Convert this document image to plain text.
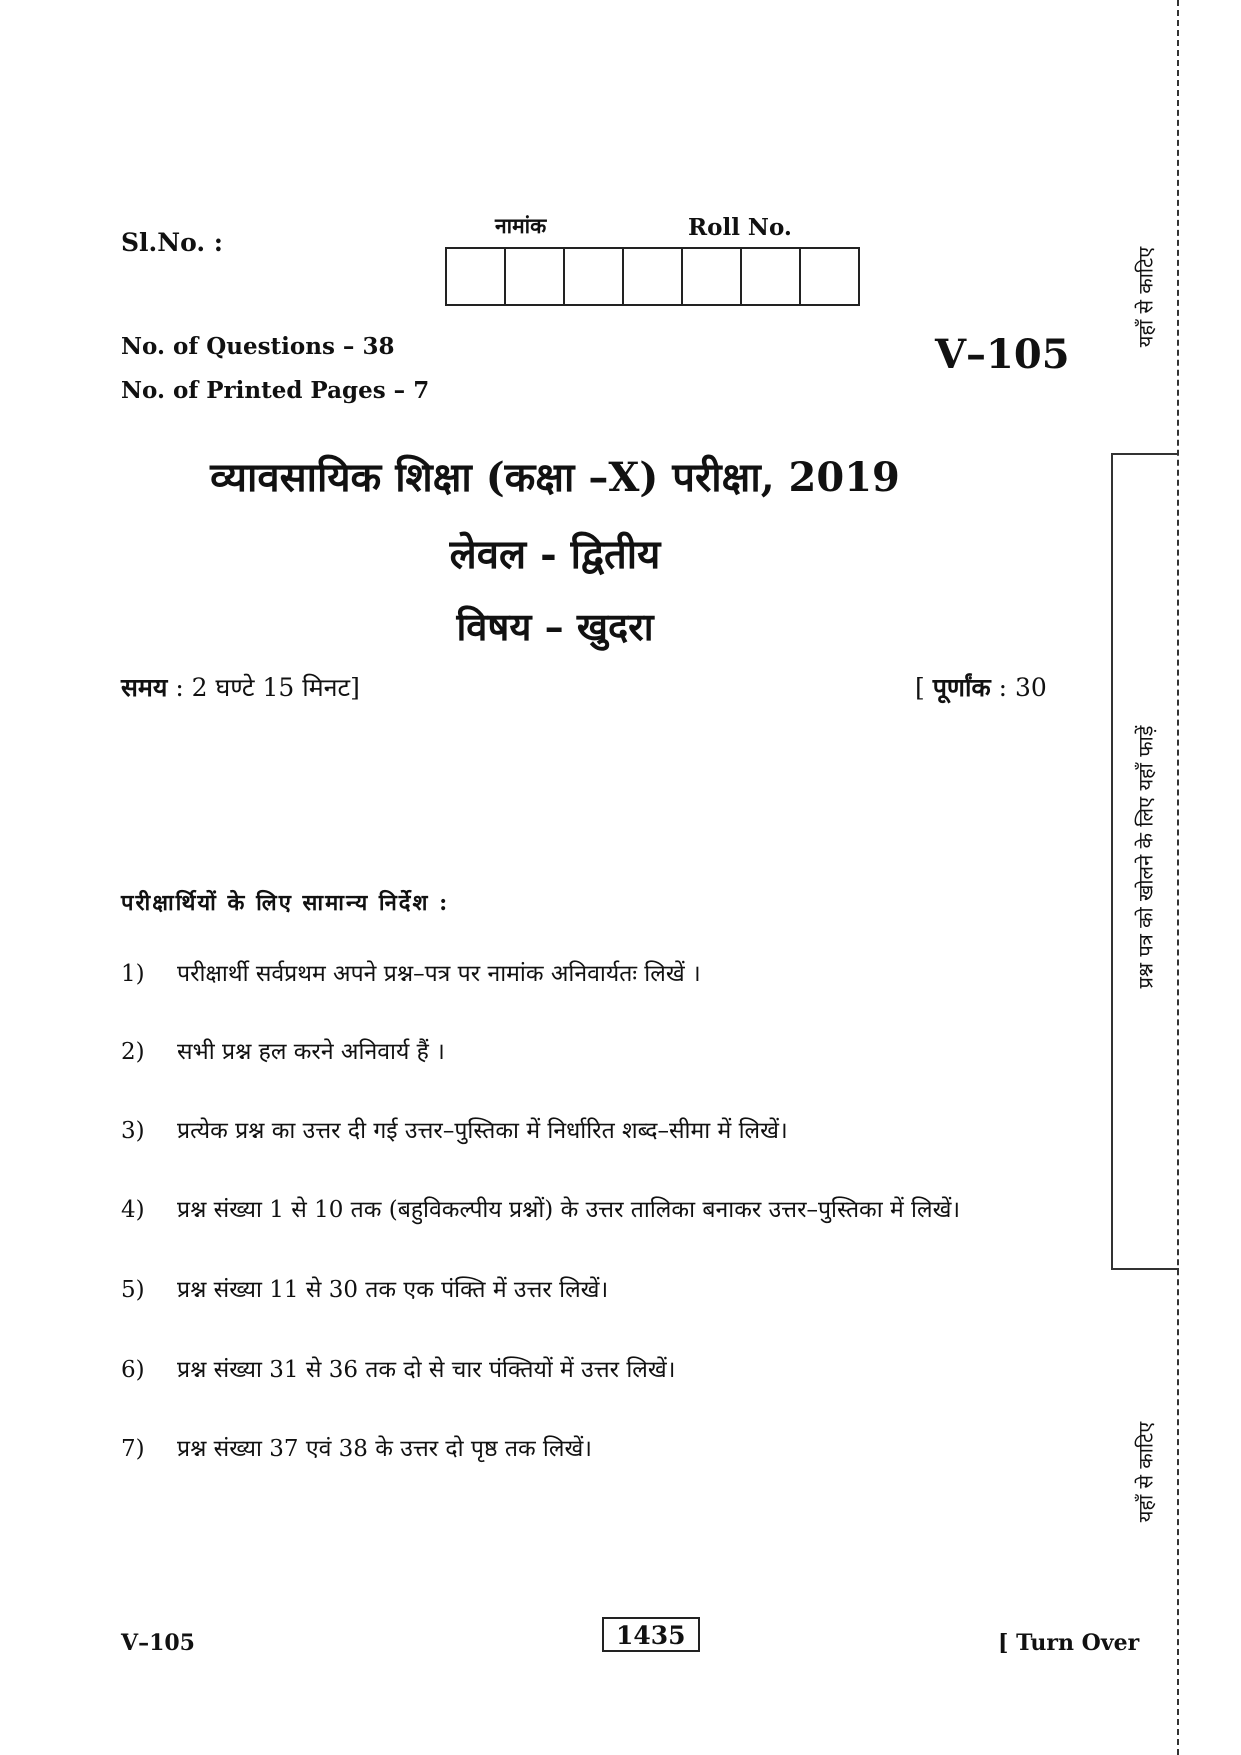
Sl.No. :
नामांक	Roll No.
No. of Questions – 38
No. of Printed Pages – 7
V–105
व्यावसायिक शिक्षा (कक्षा –X) परीक्षा, 2019
लेवल - द्वितीय
विषय – खुदरा
समय : 2 घण्टे 15 मिनट]	[ पूर्णांक : 30
परीक्षार्थियों के लिए सामान्य निर्देश :
1) परीक्षार्थी सर्वप्रथम अपने प्रश्न–पत्र पर नामांक अनिवार्यतः लिखें ।
2) सभी प्रश्न हल करने अनिवार्य हैं ।
3) प्रत्येक प्रश्न का उत्तर दी गई उत्तर–पुस्तिका में निर्धारित शब्द–सीमा में लिखें।
4) प्रश्न संख्या 1 से 10 तक (बहुविकल्पीय प्रश्नों) के उत्तर तालिका बनाकर उत्तर–पुस्तिका में लिखें।
5) प्रश्न संख्या 11 से 30 तक एक पंक्ति में उत्तर लिखें।
6) प्रश्न संख्या 31 से 36 तक दो से चार पंक्तियों में उत्तर लिखें।
7) प्रश्न संख्या 37 एवं 38 के उत्तर दो पृष्ठ तक लिखें।
V–105	1435	[ Turn Over
यहाँ से काटिए
प्रश्न पत्र को खोलने के लिए यहाँ फाड़ें
यहाँ से काटिए
